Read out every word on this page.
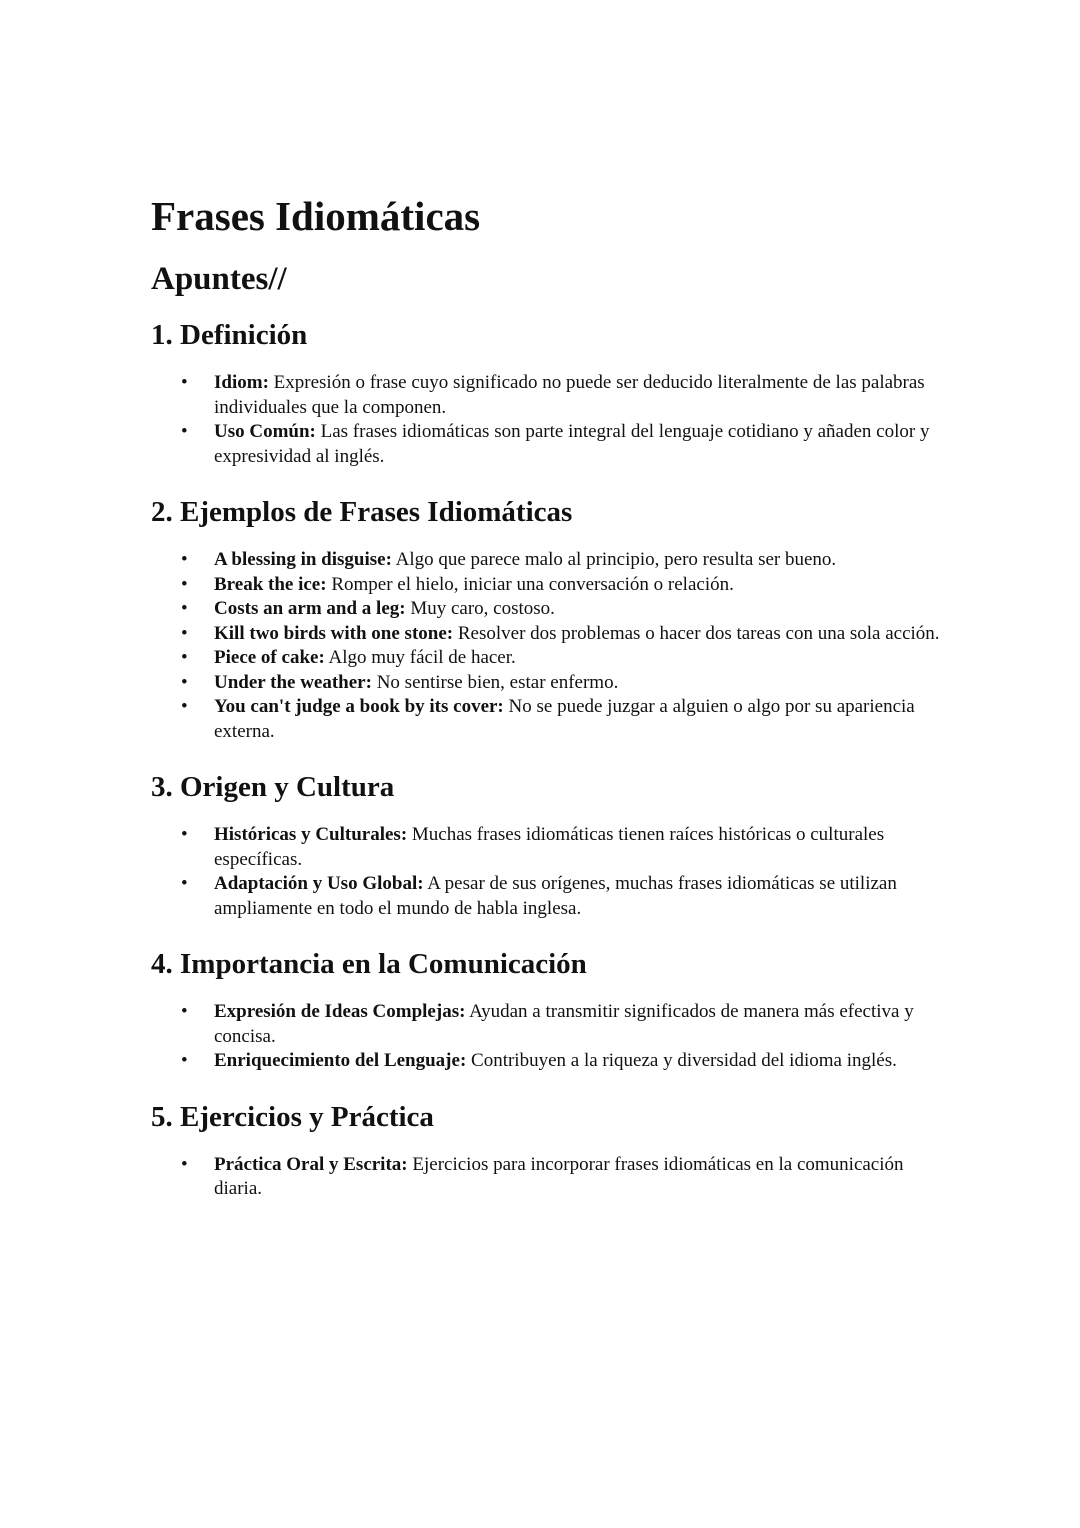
Frases Idiomáticas
Apuntes//
1. Definición
• Idiom: Expresión o frase cuyo significado no puede ser deducido literalmente de las palabras individuales que la componen.
• Uso Común: Las frases idiomáticas son parte integral del lenguaje cotidiano y añaden color y expresividad al inglés.
2. Ejemplos de Frases Idiomáticas
• A blessing in disguise: Algo que parece malo al principio, pero resulta ser bueno.
• Break the ice: Romper el hielo, iniciar una conversación o relación.
• Costs an arm and a leg: Muy caro, costoso.
• Kill two birds with one stone: Resolver dos problemas o hacer dos tareas con una sola acción.
• Piece of cake: Algo muy fácil de hacer.
• Under the weather: No sentirse bien, estar enfermo.
• You can't judge a book by its cover: No se puede juzgar a alguien o algo por su apariencia externa.
3. Origen y Cultura
• Históricas y Culturales: Muchas frases idiomáticas tienen raíces históricas o culturales específicas.
• Adaptación y Uso Global: A pesar de sus orígenes, muchas frases idiomáticas se utilizan ampliamente en todo el mundo de habla inglesa.
4. Importancia en la Comunicación
• Expresión de Ideas Complejas: Ayudan a transmitir significados de manera más efectiva y concisa.
• Enriquecimiento del Lenguaje: Contribuyen a la riqueza y diversidad del idioma inglés.
5. Ejercicios y Práctica
• Práctica Oral y Escrita: Ejercicios para incorporar frases idiomáticas en la comunicación diaria.
